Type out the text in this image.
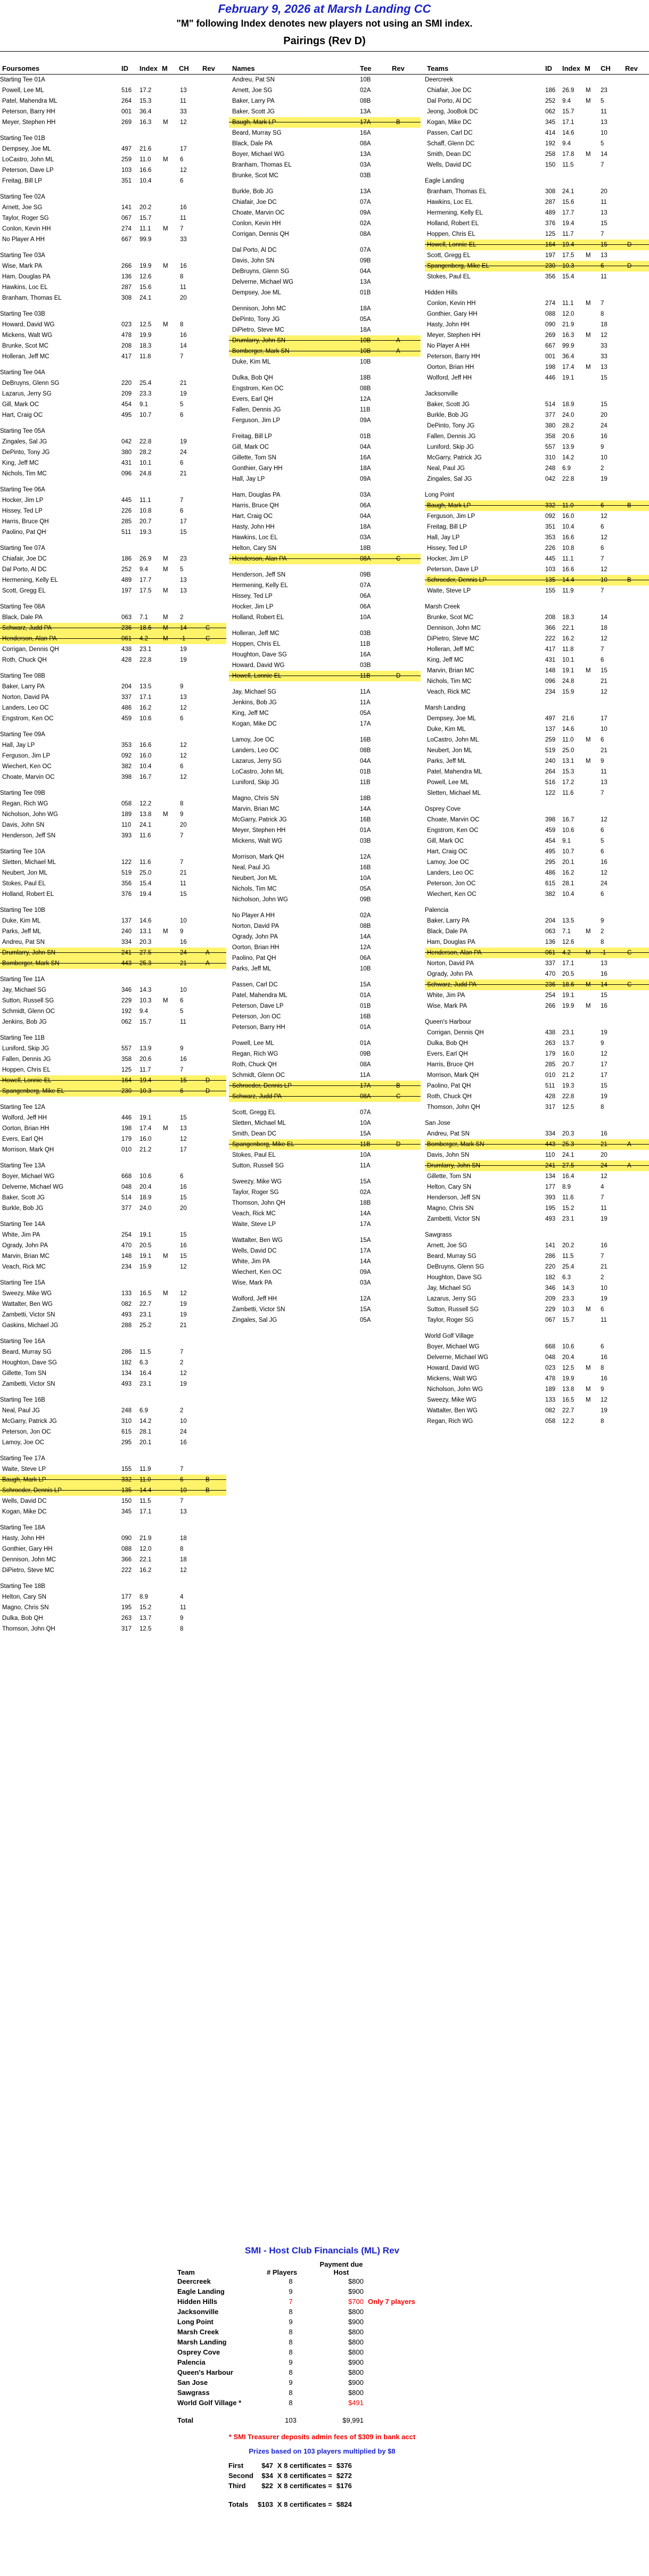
February 9, 2026 at Marsh Landing CC
"M" following Index denotes new players not using an SMI index.
Pairings (Rev D)
Foursomes	ID Index M CH Rev Names	Tee	Rev	Teams	ID Index M CH Rev
Starting Tee 01A
Powell, Lee ML	516 17.2	13
Patel, Mahendra ML	264 15.3	11
Peterson, Barry HH	001 36.4	33
Meyer, Stephen HH	269 16.3 M 12
Starting Tee 01B
Dempsey, Joe ML	497 21.6	17
LoCastro, John ML	259 11.0 M 6
Peterson, Dave LP	103 16.6	12
Freitag, Bill LP	351 10.4	6
Starting Tee 02A
Arnett, Joe SG	141 20.2	16
Taylor, Roger SG	067 15.7	11
Conlon, Kevin HH	274 11.1 M 7
No Player A HH	667 99.9	33
Starting Tee 03A
Wise, Mark PA	266 19.9 M 16
Ham, Douglas PA	136 12.6	8
Hawkins, Loc EL	287 15.6	11
Branham, Thomas EL	308 24.1	20
Starting Tee 03B
Howard, David WG	023 12.5 M 8
Mickens, Walt WG	478 19.9	16
Brunke, Scot MC	208 18.3	14
Holleran, Jeff MC	417 11.8	7
Starting Tee 04A
DeBruyns, Glenn SG	220 25.4	21
Lazarus, Jerry SG	209 23.3	19
Gill, Mark OC	454 9.1	5
Hart, Craig OC	495 10.7	6
Starting Tee 05A
Zingales, Sal JG	042 22.8	19
DePinto, Tony JG	380 28.2	24
King, Jeff MC	431 10.1	6
Nichols, Tim MC	096 24.8	21
Starting Tee 06A
Hocker, Jim LP	445 11.1	7
Hissey, Ted LP	226 10.8	6
Harris, Bruce QH	285 20.7	17
Paolino, Pat QH	511 19.3	15
Starting Tee 07A
Chiafair, Joe DC	186 26.9 M 23
Dal Porto, Al DC	252 9.4 M 5
Hermening, Kelly EL	489 17.7	13
Scott, Gregg EL	197 17.5 M 13
Starting Tee 08A
Black, Dale PA	063 7.1 M 2
Schwarz, Judd PA	236 18.6 M 14	C
Henderson, Alan PA	061 4.2 M -1	C
Corrigan, Dennis QH	438 23.1	19
Roth, Chuck QH	428 22.8	19
Starting Tee 08B
Baker, Larry PA	204 13.5	9
Norton, David PA	337 17.1	13
Landers, Leo OC	486 16.2	12
Engstrom, Ken OC	459 10.6	6
Starting Tee 09A
Hall, Jay LP	353 16.6	12
Ferguson, Jim LP	092 16.0	12
Wiechert, Ken OC	382 10.4	6
Choate, Marvin OC	398 16.7	12
Starting Tee 09B
Regan, Rich WG	058 12.2	8
Nicholson, John WG	189 13.8 M 9
Davis, John SN	110 24.1	20
Henderson, Jeff SN	393 11.6	7
Starting Tee 10A
Sletten, Michael ML	122 11.6	7
Neubert, Jon ML	519 25.0	21
Stokes, Paul EL	356 15.4	11
Holland, Robert EL	376 19.4	15
Starting Tee 10B
Duke, Kim ML	137 14.6	10
Parks, Jeff ML	240 13.1 M 9
Andreu, Pat SN	334 20.3	16
Drumlarry, John SN	241 27.5	24	A
Bomberger, Mark SN	443 25.3	21	A
Starting Tee 11A
Jay, Michael SG	346 14.3	10
Sutton, Russell SG	229 10.3 M 6
Schmidt, Glenn OC	192 9.4	5
Jenkins, Bob JG	062 15.7	11
Starting Tee 11B
Luniford, Skip JG	557 13.9	9
Fallen, Dennis JG	358 20.6	16
Hoppen, Chris EL	125 11.7	7
Howell, Lonnie EL	164 19.4	15	D
Spangenberg, Mike EL	230 10.3	6	D
Starting Tee 12A
Wolford, Jeff HH	446 19.1	15
Oorton, Brian HH	198 17.4 M 13
Evers, Earl QH	179 16.0	12
Morrison, Mark QH	010 21.2	17
Starting Tee 13A
Boyer, Michael WG	668 10.6	6
Delverne, Michael WG	048 20.4	16
Baker, Scott JG	514 18.9	15
Burkle, Bob JG	377 24.0	20
Starting Tee 14A
White, Jim PA	254 19.1	15
Ogrady, John PA	470 20.5	16
Marvin, Brian MC	148 19.1 M 15
Veach, Rick MC	234 15.9	12
Starting Tee 15A
Sweezy, Mike WG	133 16.5 M 12
Wattalter, Ben WG	082 22.7	19
Zambetti, Victor SN	493 23.1	19
Gaskins, Michael JG	288 25.2	21
Starting Tee 16A
Beard, Murray SG	286 11.5	7
Houghton, Dave SG	182 6.3	2
Gillette, Tom SN	134 16.4	12
Zambetti, Victor SN	493 23.1	19
Starting Tee 16B
Neal, Paul JG	248 6.9	2
McGarry, Patrick JG	310 14.2	10
Peterson, Jon OC	615 28.1	24
Lamoy, Joe OC	295 20.1	16
Starting Tee 17A
Waite, Steve LP	155 11.9	7
Baugh, Mark LP	332 11.0	6	B
Schroeder, Dennis LP	135 14.4	10	B
Wells, David DC	150 11.5	7
Kogan, Mike DC	345 17.1	13
Starting Tee 18A
Hasty, John HH	090 21.9	18
Gonthier, Gary HH	088 12.0	8
Dennison, John MC	366 22.1	18
DiPietro, Steve MC	222 16.2	12
Starting Tee 18B
Helton, Cary SN	177 8.9	4
Magno, Chris SN	195 15.2	11
Dulka, Bob QH	263 13.7	9
Thomson, John QH	317 12.5	8
Andreu, Pat SN	10B
Arnett, Joe SG	02A
Baker, Larry PA	08B
Baker, Scott JG	13A
Baugh, Mark LP	17A	B
Beard, Murray SG	16A
Black, Dale PA	08A
Boyer, Michael WG	13A
Branham, Thomas EL	03A
Brunke, Scot MC	03B
Burkle, Bob JG	13A
Chiafair, Joe DC	07A
Choate, Marvin OC	09A
Conlon, Kevin HH	02A
Corrigan, Dennis QH	08A
Dal Porto, Al DC	07A
Davis, John SN	09B
DeBruyns, Glenn SG	04A
Delverne, Michael WG	13A
Dempsey, Joe ML	01B
Dennison, John MC	18A
DePinto, Tony JG	05A
DiPietro, Steve MC	18A
Drumlarry, John SN	10B	A
Bomberger, Mark SN	10B	A
Duke, Kim ML	10B
Dulka, Bob QH	18B
Engstrom, Ken OC	08B
Evers, Earl QH	12A
Fallen, Dennis JG	11B
Ferguson, Jim LP	09A
Freitag, Bill LP	01B
Gill, Mark OC	04A
Gillette, Tom SN	16A
Gonthier, Gary HH	18A
Hall, Jay LP	09A
Ham, Douglas PA	03A
Harris, Bruce QH	06A
Hart, Craig OC	04A
Hasty, John HH	18A
Hawkins, Loc EL	03A
Helton, Cary SN	18B
Henderson, Alan PA	08A	C
Henderson, Jeff SN	09B
Hermening, Kelly EL	07A
Hissey, Ted LP	06A
Hocker, Jim LP	06A
Holland, Robert EL	10A
Holleran, Jeff MC	03B
Hoppen, Chris EL	11B
Houghton, Dave SG	16A
Howard, David WG	03B
Howell, Lonnie EL	11B	D
Jay, Michael SG	11A
Jenkins, Bob JG	11A
King, Jeff MC	05A
Kogan, Mike DC	17A
Lamoy, Joe OC	16B
Landers, Leo OC	08B
Lazarus, Jerry SG	04A
LoCastro, John ML	01B
Luniford, Skip JG	11B
Magno, Chris SN	18B
Marvin, Brian MC	14A
McGarry, Patrick JG	16B
Meyer, Stephen HH	01A
Mickens, Walt WG	03B
Morrison, Mark QH	12A
Neal, Paul JG	16B
Neubert, Jon ML	10A
Nichols, Tim MC	05A
Nicholson, John WG	09B
No Player A HH	02A
Norton, David PA	08B
Ogrady, John PA	14A
Oorton, Brian HH	12A
Paolino, Pat QH	06A
Parks, Jeff ML	10B
Passen, Carl DC	15A
Patel, Mahendra ML	01A
Peterson, Dave LP	01B
Peterson, Jon OC	16B
Peterson, Barry HH	01A
Powell, Lee ML	01A
Regan, Rich WG	09B
Roth, Chuck QH	08A
Schmidt, Glenn OC	11A
Schroeder, Dennis LP	17A	B
Schwarz, Judd PA	08A	C
Scott, Gregg EL	07A
Sletten, Michael ML	10A
Smith, Dean DC	15A
Spangenberg, Mike EL	11B	D
Stokes, Paul EL	10A
Sutton, Russell SG	11A
Sweezy, Mike WG	15A
Taylor, Roger SG	02A
Thomson, John QH	18B
Veach, Rick MC	14A
Waite, Steve LP	17A
Wattalter, Ben WG	15A
Wells, David DC	17A
White, Jim PA	14A
Wiechert, Ken OC	09A
Wise, Mark PA	03A
Wolford, Jeff HH	12A
Zambetti, Victor SN	15A
Zingales, Sal JG	05A
Deercreek
Chiafair, Joe DC	186 26.9 M 23
Dal Porto, Al DC	252 9.4 M 5
Jeong, JooBok DC	062 15.7	11
Kogan, Mike DC	345 17.1	13
Passen, Carl DC	414 14.6	10
Schaff, Glenn DC	192 9.4	5
Smith, Dean DC	258 17.8 M 14
Wells, David DC	150 11.5	7
Eagle Landing
Branham, Thomas EL	308 24.1	20
Hawkins, Loc EL	287 15.6	11
Hermening, Kelly EL	489 17.7	13
Holland, Robert EL	376 19.4	15
Hoppen, Chris EL	125 11.7	7
Howell, Lonnie EL	164 19.4	15	D
Scott, Gregg EL	197 17.5 M 13
Spangenberg, Mike EL	230 10.3	6	D
Stokes, Paul EL	356 15.4	11
Hidden Hills
Conlon, Kevin HH	274 11.1 M 7
Gonthier, Gary HH	088 12.0	8
Hasty, John HH	090 21.9	18
Meyer, Stephen HH	269 16.3 M 12
No Player A HH	667 99.9	33
Peterson, Barry HH	001 36.4	33
Oorton, Brian HH	198 17.4 M 13
Wolford, Jeff HH	446 19.1	15
Jacksonville
Baker, Scott JG	514 18.9	15
Burkle, Bob JG	377 24.0	20
DePinto, Tony JG	380 28.2	24
Fallen, Dennis JG	358 20.6	16
Luniford, Skip JG	557 13.9	9
McGarry, Patrick JG	310 14.2	10
Neal, Paul JG	248 6.9	2
Zingales, Sal JG	042 22.8	19
Long Point
Baugh, Mark LP	332 11.0	6	B
Ferguson, Jim LP	092 16.0	12
Freitag, Bill LP	351 10.4	6
Hall, Jay LP	353 16.6	12
Hissey, Ted LP	226 10.8	6
Hocker, Jim LP	445 11.1	7
Peterson, Dave LP	103 16.6	12
Schroeder, Dennis LP	135 14.4	10	B
Waite, Steve LP	155 11.9	7
Marsh Creek
Brunke, Scot MC	208 18.3	14
Dennison, John MC	366 22.1	18
DiPietro, Steve MC	222 16.2	12
Holleran, Jeff MC	417 11.8	7
King, Jeff MC	431 10.1	6
Marvin, Brian MC	148 19.1 M 15
Nichols, Tim MC	096 24.8	21
Veach, Rick MC	234 15.9	12
Marsh Landing
Dempsey, Joe ML	497 21.6	17
Duke, Kim ML	137 14.6	10
LoCastro, John ML	259 11.0 M 6
Neubert, Jon ML	519 25.0	21
Parks, Jeff ML	240 13.1 M 9
Patel, Mahendra ML	264 15.3	11
Powell, Lee ML	516 17.2	13
Sletten, Michael ML	122 11.6	7
Osprey Cove
Choate, Marvin OC	398 16.7	12
Engstrom, Ken OC	459 10.6	6
Gill, Mark OC	454 9.1	5
Hart, Craig OC	495 10.7	6
Lamoy, Joe OC	295 20.1	16
Landers, Leo OC	486 16.2	12
Peterson, Jon OC	615 28.1	24
Wiechert, Ken OC	382 10.4	6
Palencia
Baker, Larry PA	204 13.5	9
Black, Dale PA	063 7.1 M 2
Ham, Douglas PA	136 12.6	8
Henderson, Alan PA	061 4.2 M -1	C
Norton, David PA	337 17.1	13
Ogrady, John PA	470 20.5	16
Schwarz, Judd PA	236 18.6 M 14	C
White, Jim PA	254 19.1	15
Wise, Mark PA	266 19.9 M 16
Queen's Harbour
Corrigan, Dennis QH	438 23.1	19
Dulka, Bob QH	263 13.7	9
Evers, Earl QH	179 16.0	12
Harris, Bruce QH	285 20.7	17
Morrison, Mark QH	010 21.2	17
Paolino, Pat QH	511 19.3	15
Roth, Chuck QH	428 22.8	19
Thomson, John QH	317 12.5	8
San Jose
Andreu, Pat SN	334 20.3	16
Bomberger, Mark SN	443 25.3	21	A
Davis, John SN	110 24.1	20
Drumlarry, John SN	241 27.5	24	A
Gillette, Tom SN	134 16.4	12
Helton, Cary SN	177 8.9	4
Henderson, Jeff SN	393 11.6	7
Magno, Chris SN	195 15.2	11
Zambetti, Victor SN	493 23.1	19
Sawgrass
Arnett, Joe SG	141 20.2	16
Beard, Murray SG	286 11.5	7
DeBruyns, Glenn SG	220 25.4	21
Houghton, Dave SG	182 6.3	2
Jay, Michael SG	346 14.3	10
Lazarus, Jerry SG	209 23.3	19
Sutton, Russell SG	229 10.3 M 6
Taylor, Roger SG	067 15.7	11
World Golf Village
Boyer, Michael WG	668 10.6	6
Delverne, Michael WG	048 20.4	16
Howard, David WG	023 12.5 M 8
Mickens, Walt WG	478 19.9	16
Nicholson, John WG	189 13.8 M 9
Sweezy, Mike WG	133 16.5 M 12
Wattalter, Ben WG	082 22.7	19
Regan, Rich WG	058 12.2	8
SMI - Host Club Financials (ML) Rev
Team	# Players	Payment due Host	
Deercreek	8	$800	
Eagle Landing	9	$900	
Hidden Hills	7	$700	Only 7 players
Jacksonville	8	$800	
Long Point	9	$900	
Marsh Creek	8	$800	
Marsh Landing	8	$800	
Osprey Cove	8	$800	
Palencia	9	$900	
Queen's Harbour	8	$800	
San Jose	9	$900	
Sawgrass	8	$800	
World Golf Village *	8	$491	
Total	103	$9,991	
* SMI Treasurer deposits admin fees of $309 in bank acct
Prizes based on 103 players multiplied by $8
First	$47	X 8 certificates =	$376
Second	$34	X 8 certificates =	$272
Third	$22	X 8 certificates =	$176
Totals	$103	X 8 certificates =	$824
